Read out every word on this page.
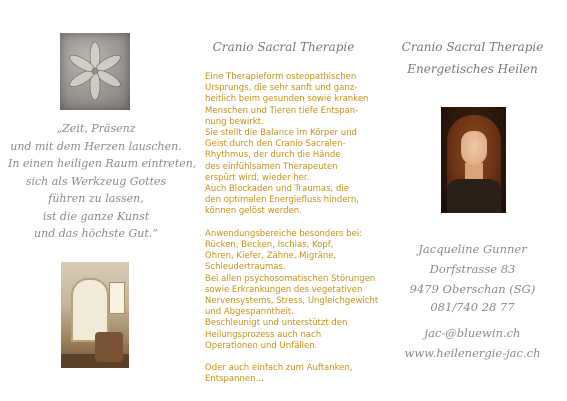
„Zeit, Präsenz
und mit dem Herzen lauschen.
In einen heiligen Raum eintreten,
sich als Werkzeug Gottes
führen zu lassen,
ist die ganze Kunst
und das höchste Gut.“

Cranio Sacral Therapie

Eine Therapieform osteopathischen
Ursprungs, die sehr sanft und ganz-
heitlich beim gesunden sowie kranken
Menschen und Tieren tiefe Entspan-
nung bewirkt.
Sie stellt die Balance im Körper und
Geist durch den Cranio Sacralen-
Rhythmus, der durch die Hände
des einfühlsamen Therapeuten
erspürt wird, wieder her.
Auch Blockaden und Traumas, die
den optimalen Energiefluss hindern,
können gelöst werden.
Anwendungsbereiche besonders bei:
Rücken, Becken, Ischias, Kopf,
Ohren, Kiefer, Zähne, Migräne,
Schleudertraumas.
Bei allen psychosomatischen Störungen
sowie Erkrankungen des vegetativen
Nervensystems, Stress, Ungleichgewicht
und Abgespanntheit.
Beschleunigt und unterstützt den
Heilungsprozess auch nach
Operationen und Unfällen.
Oder auch einfach zum Auftanken,
Entspannen…

Cranio Sacral Therapie
Energetisches Heilen

Jacqueline Gunner

Dorfstrasse 83

9479 Oberschan (SG)

081/740 28 77

jac-@bluewin.ch

www.heilenergie-jac.ch
